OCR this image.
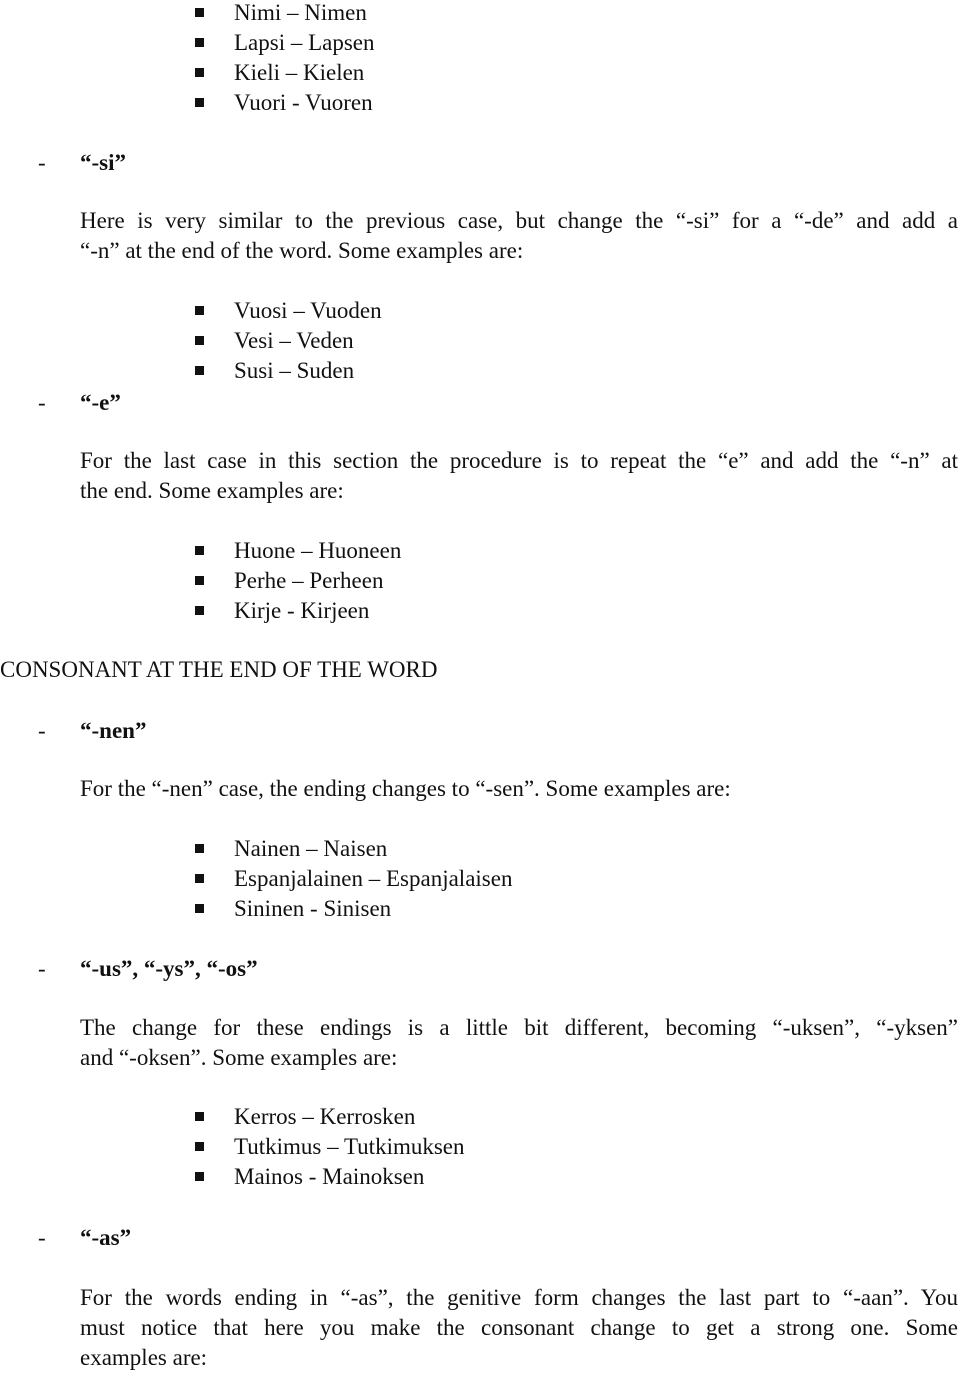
Nimi – Nimen
Lapsi – Lapsen
Kieli – Kielen
Vuori - Vuoren
- “-si”
Here is very similar to the previous case, but change the “-si” for a “-de” and add a
“-n” at the end of the word. Some examples are:
Vuosi – Vuoden
Vesi – Veden
Susi – Suden
- “-e”
For the last case in this section the procedure is to repeat the “e” and add the “-n” at
the end. Some examples are:
Huone – Huoneen
Perhe – Perheen
Kirje - Kirjeen
CONSONANT AT THE END OF THE WORD
- “-nen”
For the “-nen” case, the ending changes to “-sen”. Some examples are:
Nainen – Naisen
Espanjalainen – Espanjalaisen
Sininen - Sinisen
- “-us”, “-ys”, “-os”
The change for these endings is a little bit different, becoming “-uksen”, “-yksen”
and “-oksen”. Some examples are:
Kerros – Kerrosken
Tutkimus – Tutkimuksen
Mainos - Mainoksen
- “-as”
For the words ending in “-as”, the genitive form changes the last part to “-aan”. You
must notice that here you make the consonant change to get a strong one. Some
examples are:
